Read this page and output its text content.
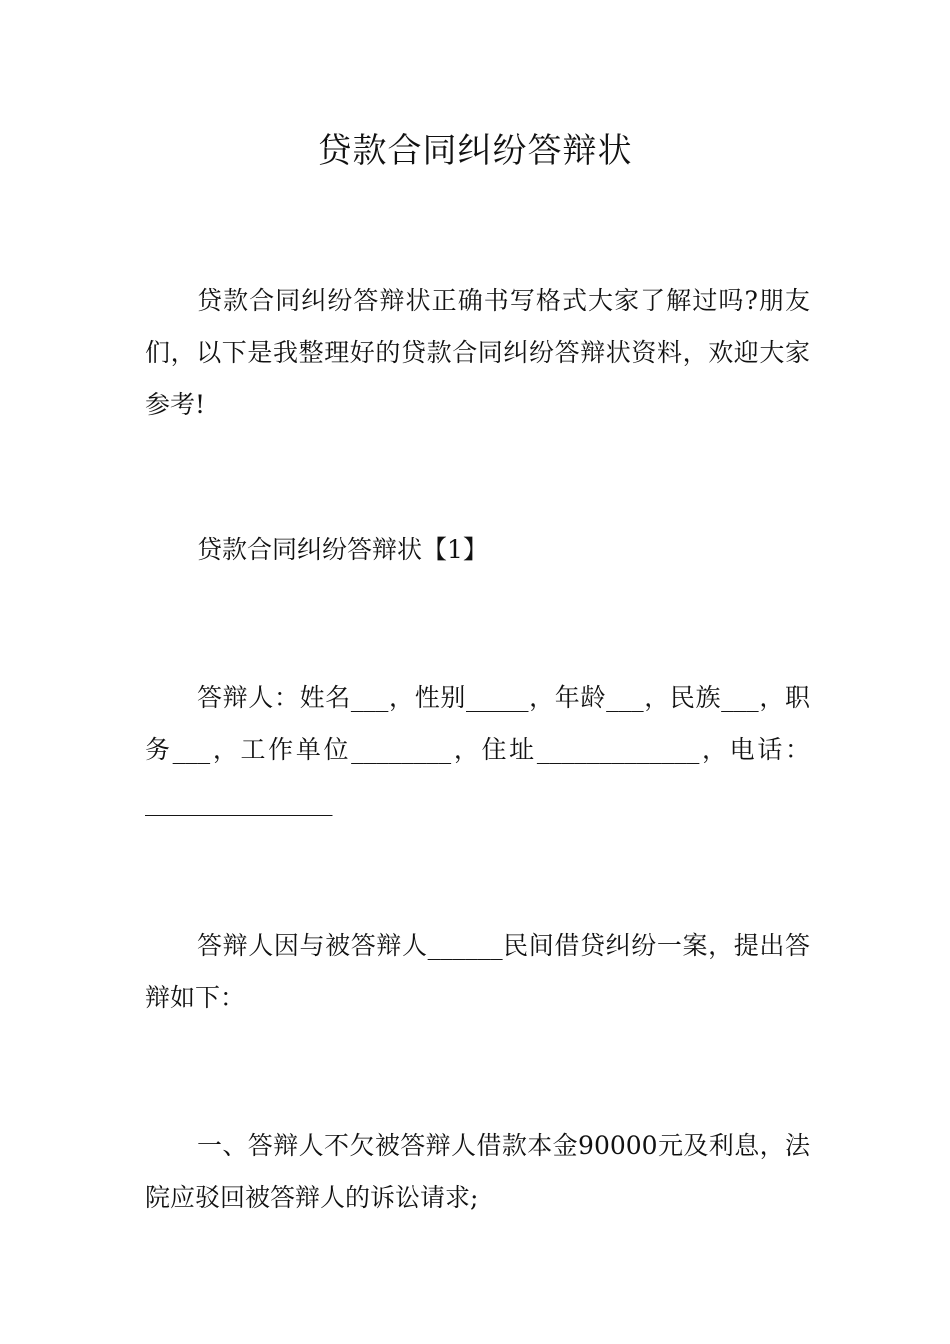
贷款合同纠纷答辩状

贷款合同纠纷答辩状正确书写格式大家了解过吗?朋友们，以下是我整理好的贷款合同纠纷答辩状资料，欢迎大家参考!

贷款合同纠纷答辩状【1】

答辩人：姓名___，性别_____，年龄___，民族___，职务___，工作单位________，住址_____________，电话：_______________

答辩人因与被答辩人______民间借贷纠纷一案，提出答辩如下：

一、答辩人不欠被答辩人借款本金90000元及利息，法院应驳回被答辩人的诉讼请求;
